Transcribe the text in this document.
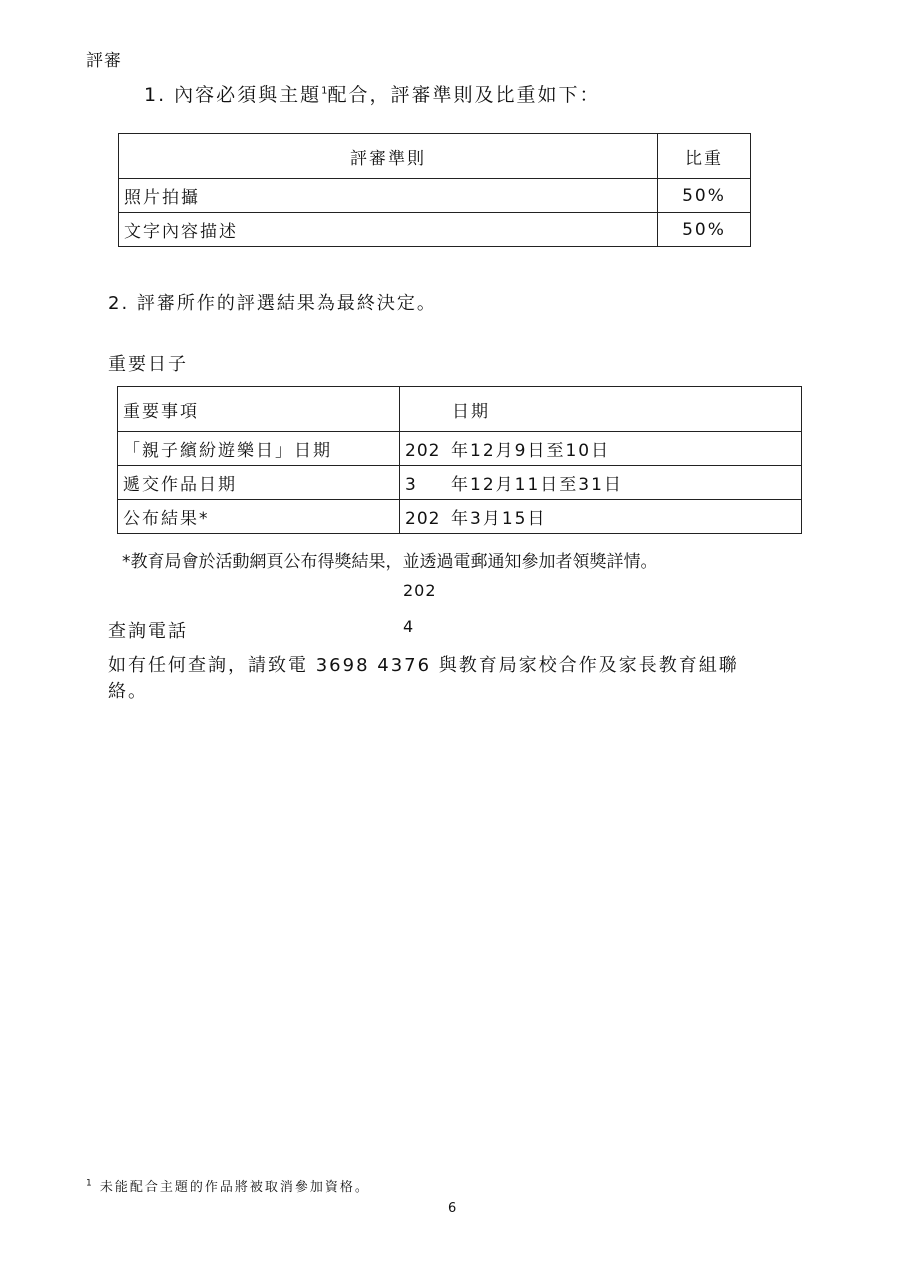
評審
1. 內容必須與主題$^1$配合，評審準則及比重如下：
評審準則	比重
照片拍攝	50%
文字內容描述	50%
2. 評審所作的評選結果為最終決定。
重要日子
重要事項	日期
「親子繽紛遊樂日」日期	202 年12月9日至10日
遞交作品日期	3 年12月11日至31日
公布結果*	202 年3月15日
*教育局會於活動網頁公布得獎結果，並透過電郵通知參加者領獎詳情。
202
查詢電話	4
如有任何查詢，請致電 3698 4376 與教育局家校合作及家長教育組聯
絡。
$^1$ 未能配合主題的作品將被取消參加資格。
6
